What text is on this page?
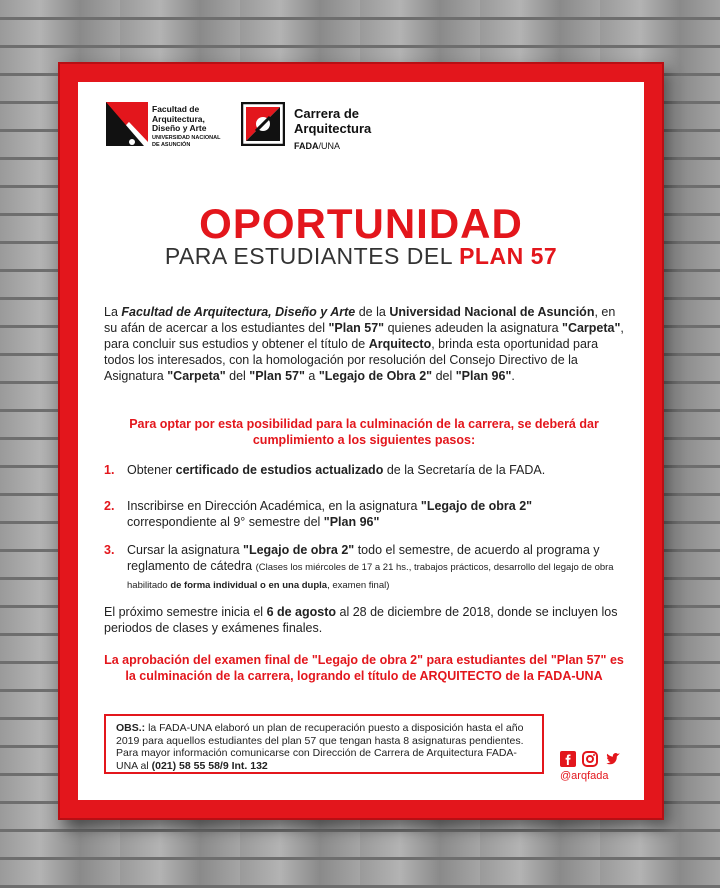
Facultad de
Arquitectura,
Diseño y Arte
UNIVERSIDAD NACIONAL
DE ASUNCIÓN
Carrera de
Arquitectura
FADA/UNA
OPORTUNIDAD
PARA ESTUDIANTES DEL PLAN 57
La Facultad de Arquitectura, Diseño y Arte de la Universidad Nacional de Asunción, en su afán de acercar a los estudiantes del "Plan 57" quienes adeuden la asignatura "Carpeta", para concluir sus estudios y obtener el título de Arquitecto, brinda esta oportunidad para todos los interesados, con la homologación por resolución del Consejo Directivo de la Asignatura "Carpeta" del "Plan 57" a "Legajo de Obra 2" del "Plan 96".
Para optar por esta posibilidad para la culminación de la carrera, se deberá dar cumplimiento a los siguientes pasos:
1. Obtener certificado de estudios actualizado de la Secretaría de la FADA.
2. Inscribirse en Dirección Académica, en la asignatura "Legajo de obra 2" correspondiente al 9° semestre del "Plan 96"
3. Cursar la asignatura "Legajo de obra 2" todo el semestre, de acuerdo al programa y reglamento de cátedra (Clases los miércoles de 17 a 21 hs., trabajos prácticos, desarrollo del legajo de obra habilitado de forma individual o en una dupla, examen final)
El próximo semestre inicia el 6 de agosto al 28 de diciembre de 2018, donde se incluyen los periodos de clases y exámenes finales.
La aprobación del examen final de "Legajo de obra 2" para estudiantes del "Plan 57" es la culminación de la carrera, logrando el título de ARQUITECTO de la FADA-UNA
OBS.: la FADA-UNA elaboró un plan de recuperación puesto a disposición hasta el año 2019 para aquellos estudiantes del plan 57 que tengan hasta 8 asignaturas pendientes. Para mayor información comunicarse con Dirección de Carrera de Arquitectura FADA-UNA al (021) 58 55 58/9 Int. 132

@arqfada
